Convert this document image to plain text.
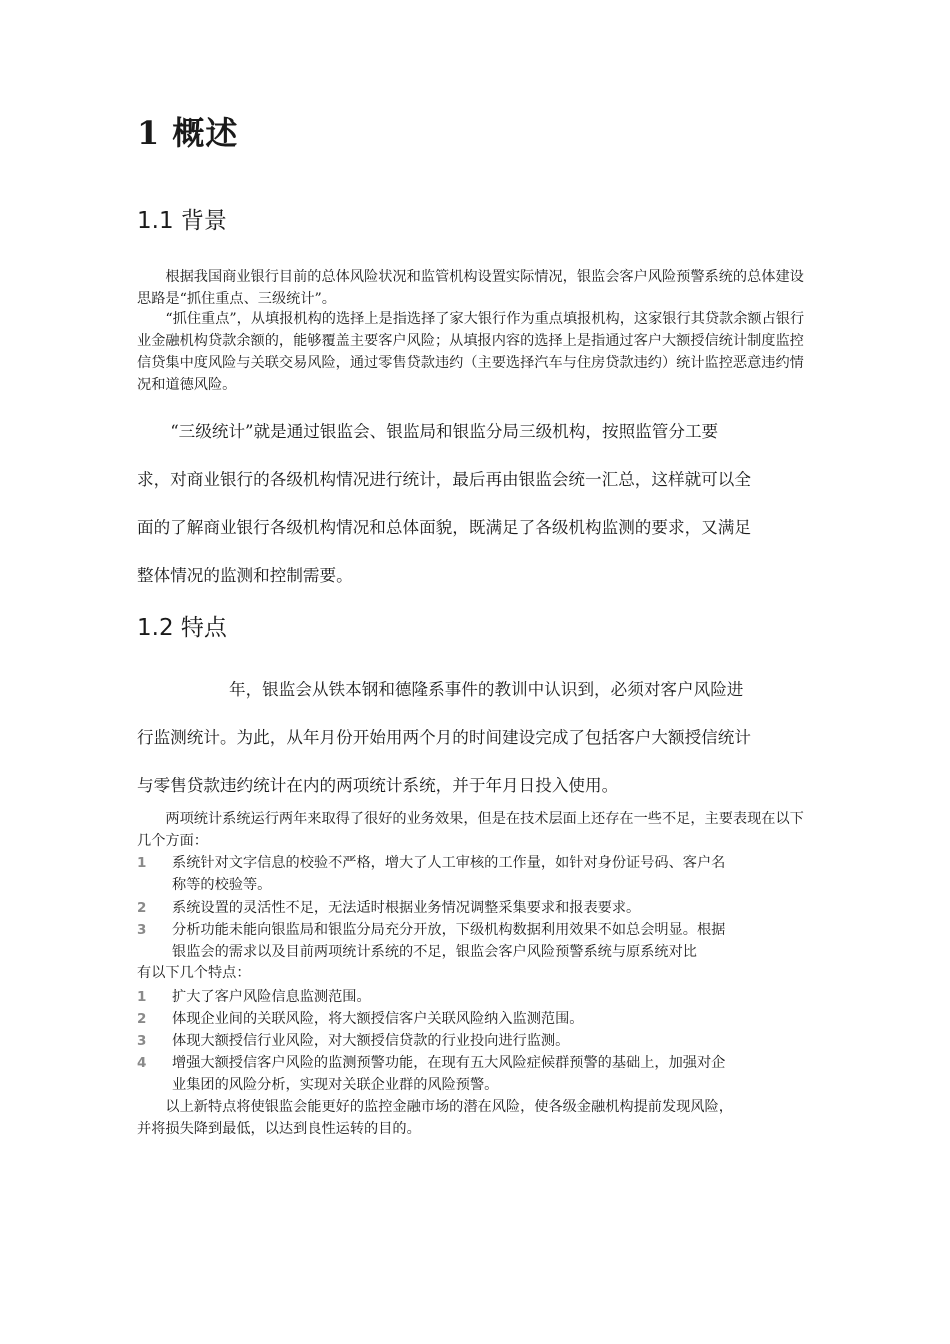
1 概述
1.1 背景

根据我国商业银行目前的总体风险状况和监管机构设置实际情况，银监会客户风险预警系统的总体建设思路是“抓住重点、三级统计”。

“抓住重点”，从填报机构的选择上是指选择了家大银行作为重点填报机构，这家银行其贷款余额占银行业金融机构贷款余额的，能够覆盖主要客户风险；从填报内容的选择上是指通过客户大额授信统计制度监控信贷集中度风险与关联交易风险，通过零售贷款违约（主要选择汽车与住房贷款违约）统计监控恶意违约情况和道德风险。

“三级统计”就是通过银监会、银监局和银监分局三级机构，按照监管分工要
求，对商业银行的各级机构情况进行统计，最后再由银监会统一汇总，这样就可以全
面的了解商业银行各级机构情况和总体面貌，既满足了各级机构监测的要求，又满足
整体情况的监测和控制需要。
1.2 特点
年，银监会从铁本钢和德隆系事件的教训中认识到，必须对客户风险进
行监测统计。为此，从年月份开始用两个月的时间建设完成了包括客户大额授信统计
与零售贷款违约统计在内的两项统计系统，并于年月日投入使用。

两项统计系统运行两年来取得了很好的业务效果，但是在技术层面上还存在一些不足，主要表现在以下几个方面：

1	系统针对文字信息的校验不严格，增大了人工审核的工作量，如针对身份证号码、客户名
称等的校验等。
2	系统设置的灵活性不足，无法适时根据业务情况调整采集要求和报表要求。
3	分析功能未能向银监局和银监分局充分开放，下级机构数据利用效果不如总会明显。根据
银监会的需求以及目前两项统计系统的不足，银监会客户风险预警系统与原系统对比

有以下几个特点：

1	扩大了客户风险信息监测范围。
2	体现企业间的关联风险，将大额授信客户关联风险纳入监测范围。
3	体现大额授信行业风险，对大额授信贷款的行业投向进行监测。
4	增强大额授信客户风险的监测预警功能，在现有五大风险症候群预警的基础上，加强对企
业集团的风险分析，实现对关联企业群的风险预警。
以上新特点将使银监会能更好的监控金融市场的潜在风险，使各级金融机构提前发现风险，
并将损失降到最低，以达到良性运转的目的。
